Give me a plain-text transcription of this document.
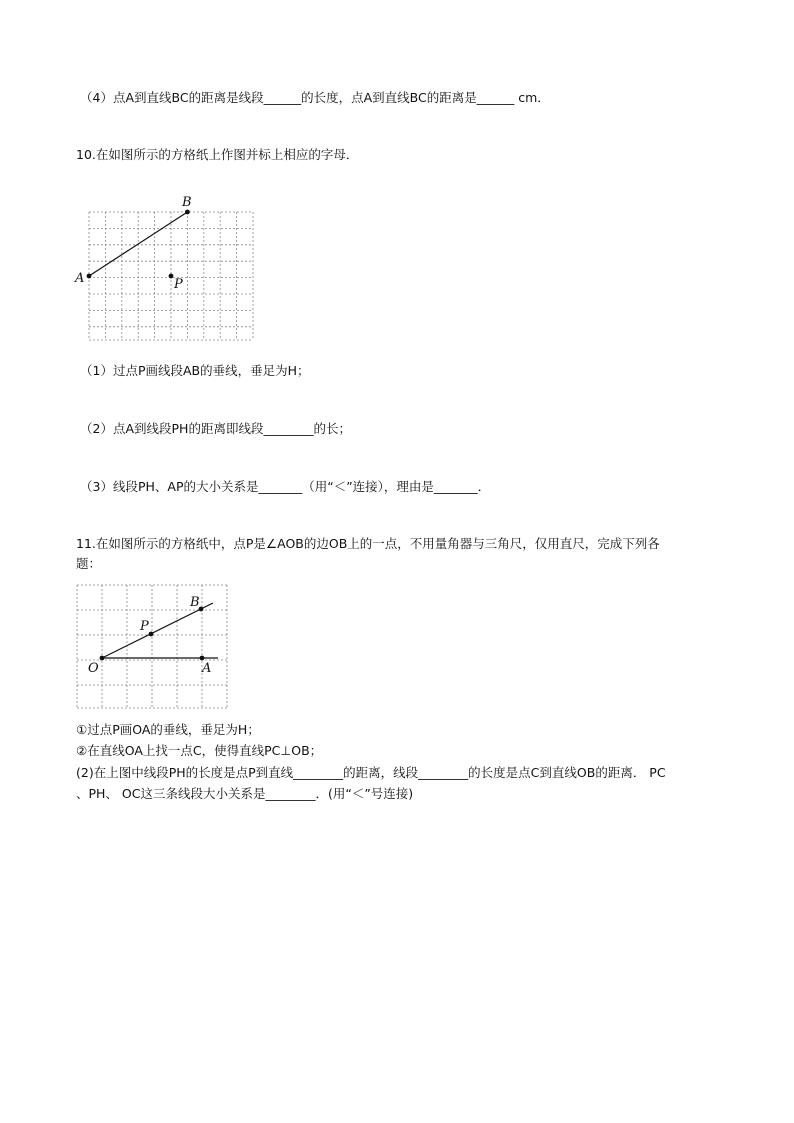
（4）点A到直线BC的距离是线段______的长度，点A到直线BC的距离是______ cm．
10.在如图所示的方格纸上作图并标上相应的字母．
A
B
P
（1）过点P画线段AB的垂线，垂足为H；
（2）点A到线段PH的距离即线段________的长；
（3）线段PH、AP的大小关系是_______（用“＜”连接），理由是_______．
11.在如图所示的方格纸中，点P是∠AOB的边OB上的一点，不用量角器与三角尺，仅用直尺，完成下列各
题：
O	A
P
B
①过点P画OA的垂线，垂足为H；
②在直线OA上找一点C，使得直线PC⊥OB；
(2)在上图中线段PH的长度是点P到直线________的距离，线段________的长度是点C到直线OB的距离． PC
、PH、 OC这三条线段大小关系是________．(用“＜”号连接)
